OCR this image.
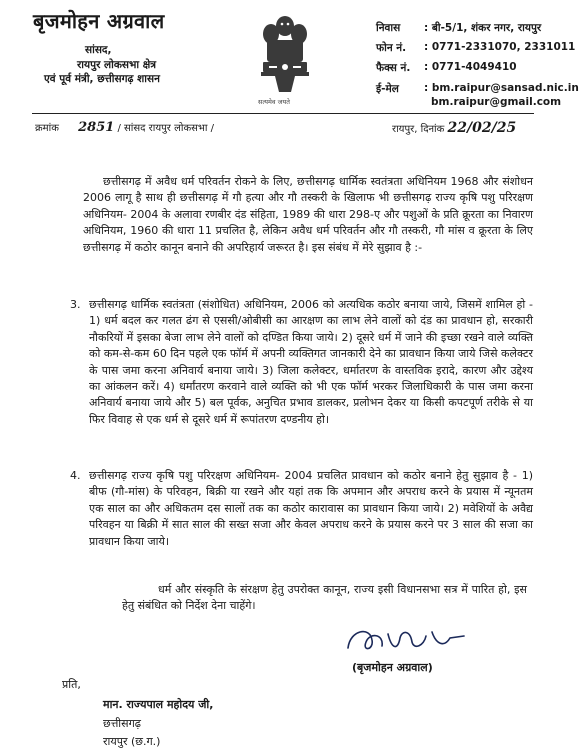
बृजमोहन अग्रवाल
सांसद,
रायपुर लोकसभा क्षेत्र
एवं पूर्व मंत्री, छत्तीसगढ़ शासन
सत्यमेव जयते
निवास : बी-5/1, शंकर नगर, रायपुर
फोन नं. : 0771-2331070, 2331011
फैक्स नं. : 0771-4049410
ई-मेल : bm.raipur@sansad.nic.in
bm.raipur@gmail.com
क्रमांक 2851 / सांसद रायपुर लोकसभा /	रायपुर, दिनांक 22/02/25
छत्तीसगढ़ में अवैध धर्म परिवर्तन रोकने के लिए, छत्तीसगढ़ धार्मिक स्वतंत्रता अधिनियम 1968 और संशोधन 2006 लागू है साथ ही छत्तीसगढ़ में गौ हत्या और गौ तस्करी के खिलाफ भी छत्तीसगढ़ राज्य कृषि पशु परिरक्षण अधिनियम- 2004 के अलावा रणबीर दंड संहिता, 1989 की धारा 298-ए और पशुओं के प्रति क्रूरता का निवारण अधिनियम, 1960 की धारा 11 प्रचलित है, लेकिन अवैध धर्म परिवर्तन और गौ तस्करी, गौ मांस व क्रूरता के लिए छत्तीसगढ़ में कठोर कानून बनाने की अपरिहार्य जरूरत है। इस संबंध में मेरे सुझाव है :-
3. छत्तीसगढ़ धार्मिक स्वतंत्रता (संशोधित) अधिनियम, 2006 को अत्यधिक कठोर बनाया जाये, जिसमें शामिल हो - 1) धर्म बदल कर गलत ढंग से एससी/ओबीसी का आरक्षण का लाभ लेने वालों को दंड का प्रावधान हो, सरकारी नौकरियों में इसका बेजा लाभ लेने वालों को दण्डित किया जाये। 2) दूसरे धर्म में जाने की इच्छा रखने वाले व्यक्ति को कम-से-कम 60 दिन पहले एक फॉर्म में अपनी व्यक्तिगत जानकारी देने का प्रावधान किया जाये जिसे कलेक्टर के पास जमा करना अनिवार्य बनाया जाये। 3) जिला कलेक्टर, धर्मातरण के वास्तविक इरादे, कारण और उद्देश्य का आंकलन करें। 4) धर्मांतरण करवाने वाले व्यक्ति को भी एक फॉर्म भरकर जिलाधिकारी के पास जमा करना अनिवार्य बनाया जाये और 5) बल पूर्वक, अनुचित प्रभाव डालकर, प्रलोभन देकर या किसी कपटपूर्ण तरीके से या फिर विवाह से एक धर्म से दूसरे धर्म में रूपांतरण दण्डनीय हो।
4. छत्तीसगढ़ राज्य कृषि पशु परिरक्षण अधिनियम- 2004 प्रचलित प्रावधान को कठोर बनाने हेतु सुझाव है - 1) बीफ (गौ-मांस) के परिवहन, बिक्री या रखने और यहां तक कि अपमान और अपराध करने के प्रयास में न्यूनतम एक साल का और अधिकतम दस सालों तक का कठोर कारावास का प्रावधान किया जाये। 2) मवेशियों के अवैद्य परिवहन या बिक्री में सात साल की सख्त सजा और केवल अपराध करने के प्रयास करने पर 3 साल की सजा का प्रावधान किया जाये।
धर्म और संस्कृति के संरक्षण हेतु उपरोक्त कानून, राज्य इसी विधानसभा सत्र में पारित हो, इस हेतु संबंधित को निर्देश देना चाहेंगे।
(बृजमोहन अग्रवाल)
प्रति,
मान. राज्यपाल महोदय जी,
छत्तीसगढ़
रायपुर (छ.ग.)
